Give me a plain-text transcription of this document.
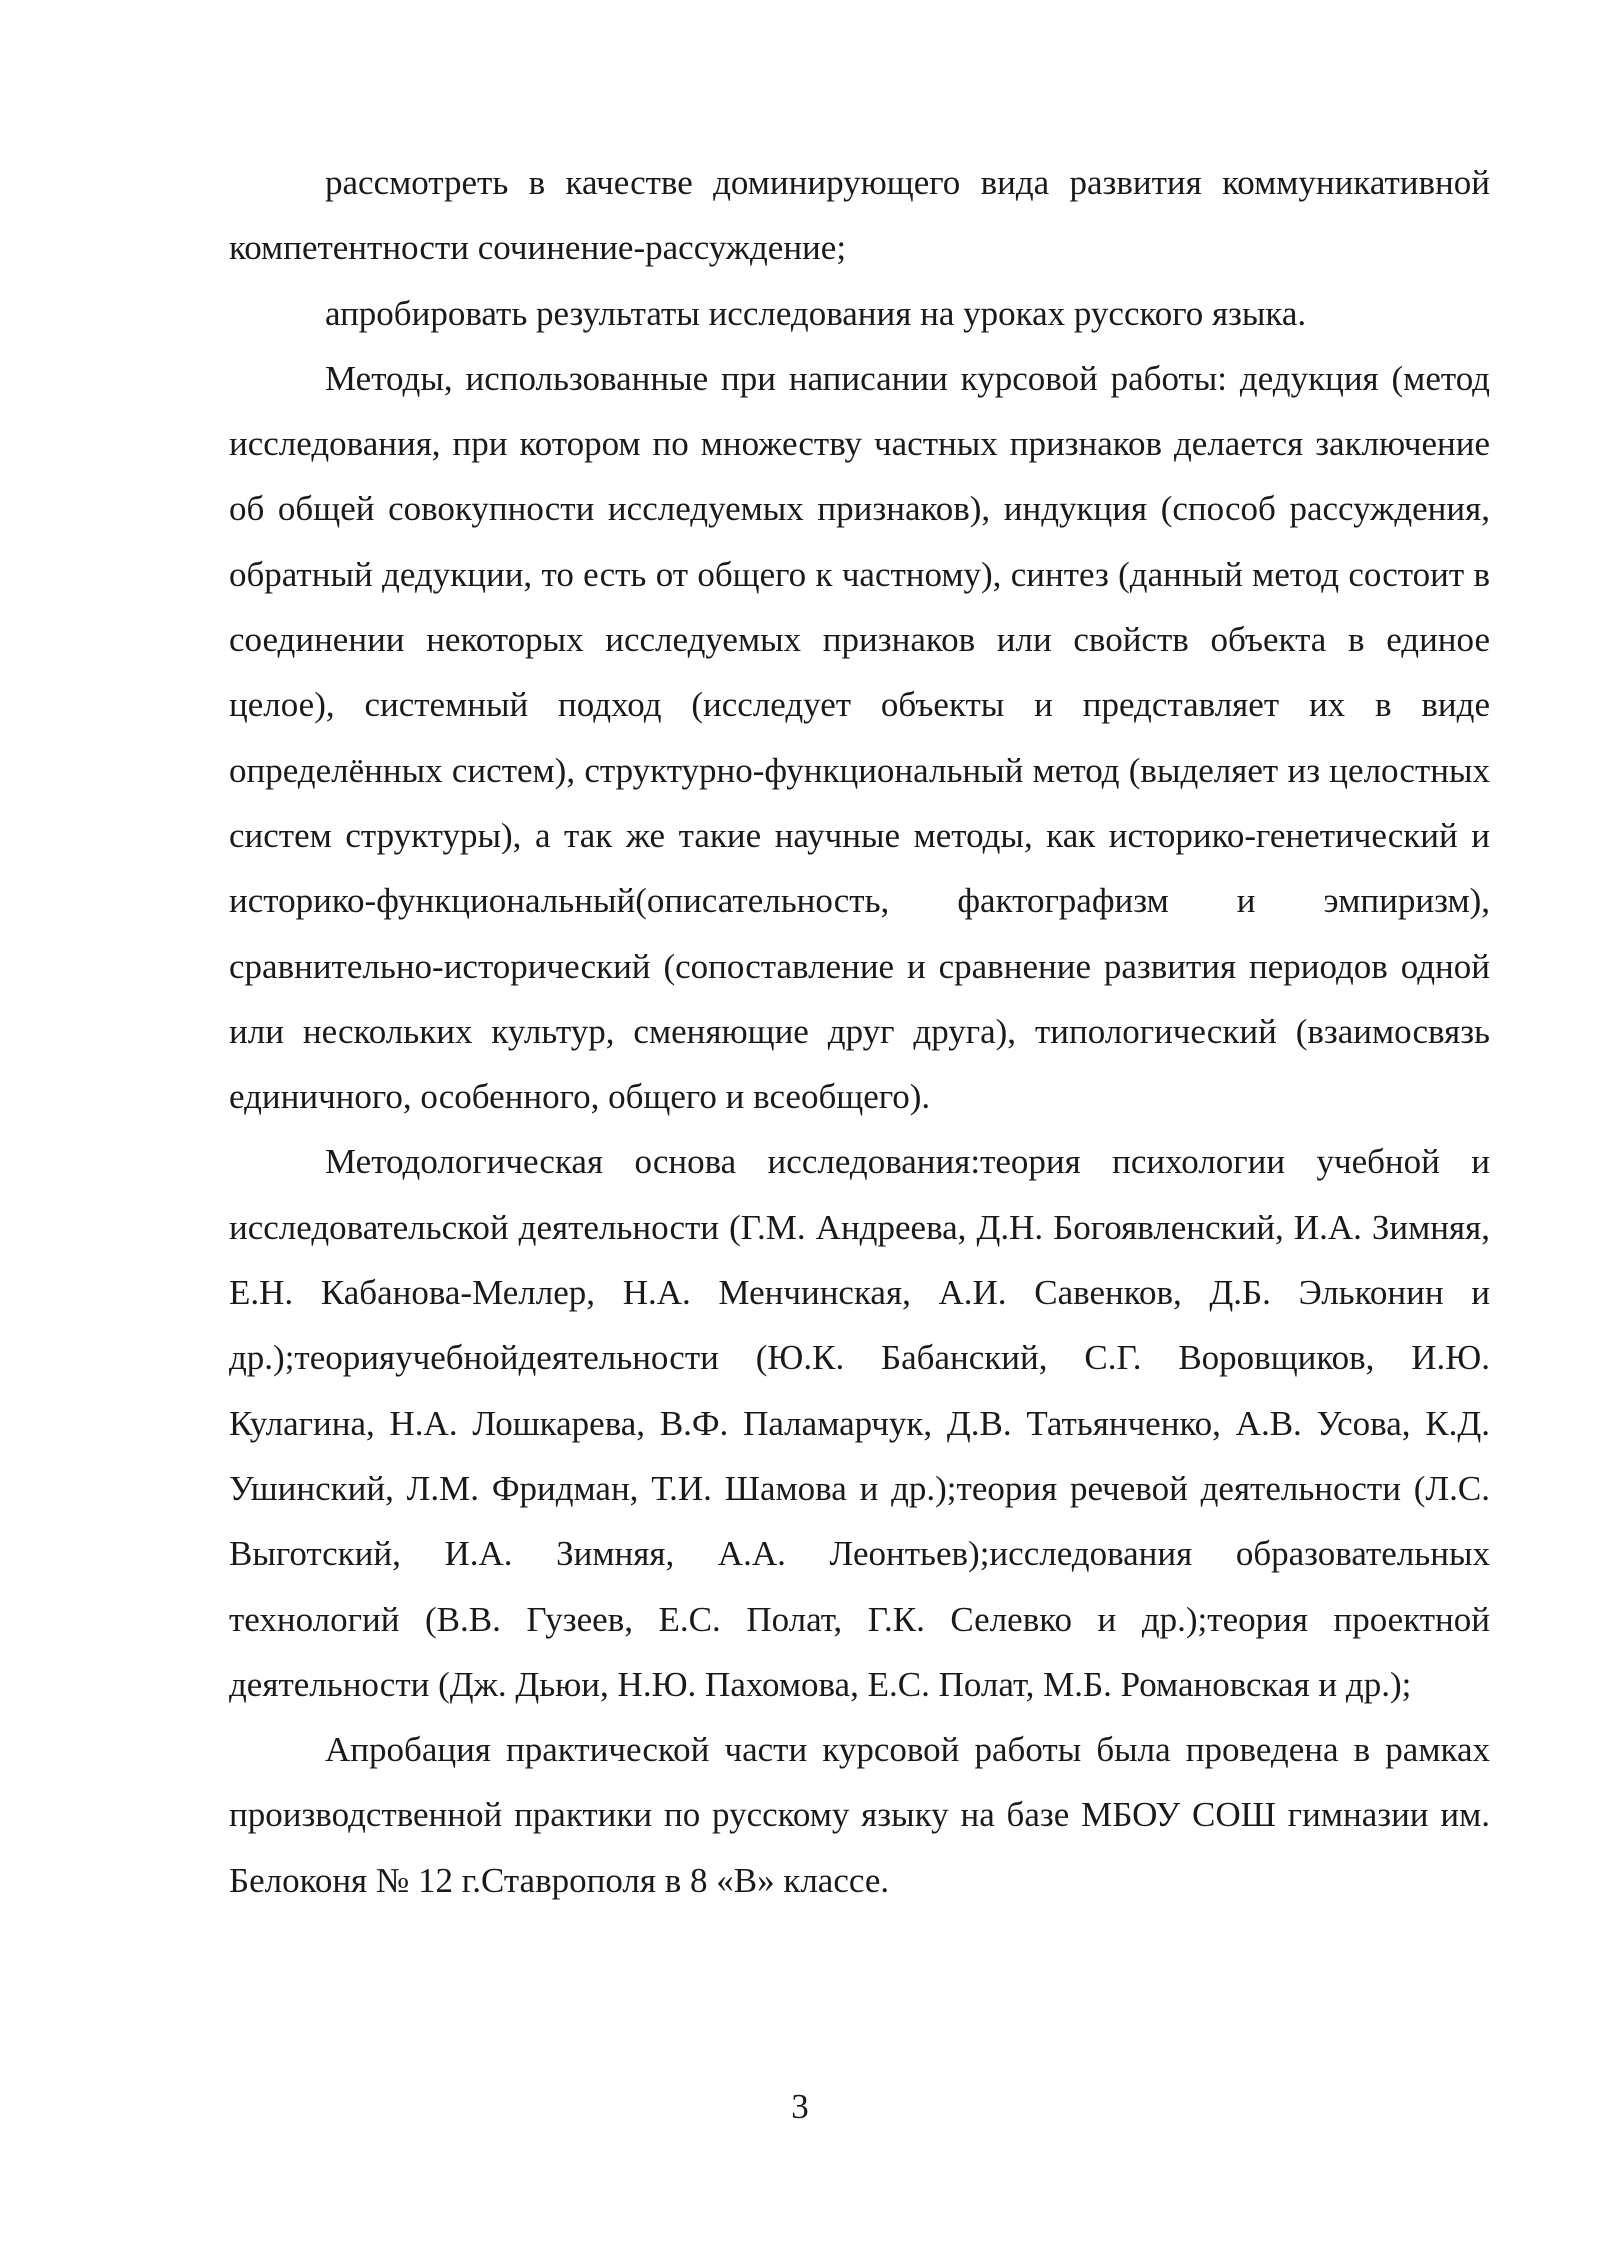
рассмотреть в качестве доминирующего вида развития коммуникативной компетентности сочинение-рассуждение;

апробировать результаты исследования на уроках русского языка.

Методы, использованные при написании курсовой работы: дедукция (метод исследования, при котором по множеству частных признаков делается заключение об общей совокупности исследуемых признаков), индукция (способ рассуждения, обратный дедукции, то есть от общего к частному), синтез (данный метод состоит в соединении некоторых исследуемых признаков или свойств объекта в единое целое), системный подход (исследует объекты и представляет их в виде определённых систем), структурно-функциональный метод (выделяет из целостных систем структуры), а так же такие научные методы, как историко-генетический и историко-функциональный(описательность, фактографизм и эмпиризм), сравнительно-исторический (сопоставление и сравнение развития периодов одной или нескольких культур, сменяющие друг друга), типологический (взаимосвязь единичного, особенного, общего и всеобщего).

Методологическая основа исследования:теория психологии учебной и исследовательской деятельности (Г.М. Андреева, Д.Н. Богоявленский, И.А. Зимняя, Е.Н. Кабанова-Меллер, Н.А. Менчинская, А.И. Савенков, Д.Б. Эльконин и др.);теорияучебнойдеятельности (Ю.К. Бабанский, С.Г. Воровщиков, И.Ю. Кулагина, Н.А. Лошкарева, В.Ф. Паламарчук, Д.В. Татьянченко, А.В. Усова, К.Д. Ушинский, Л.М. Фридман, Т.И. Шамова и др.);теория речевой деятельности (Л.С. Выготский, И.А. Зимняя, А.А. Леонтьев);исследования образовательных технологий (В.В. Гузеев, Е.С. Полат, Г.К. Селевко и др.);теория проектной деятельности (Дж. Дьюи, Н.Ю. Пахомова, Е.С. Полат, М.Б. Романовская и др.);

Апробация практической части курсовой работы была проведена в рамках производственной практики по русскому языку на базе МБОУ СОШ гимназии им. Белоконя № 12 г.Ставрополя в 8 «В» классе.

3
